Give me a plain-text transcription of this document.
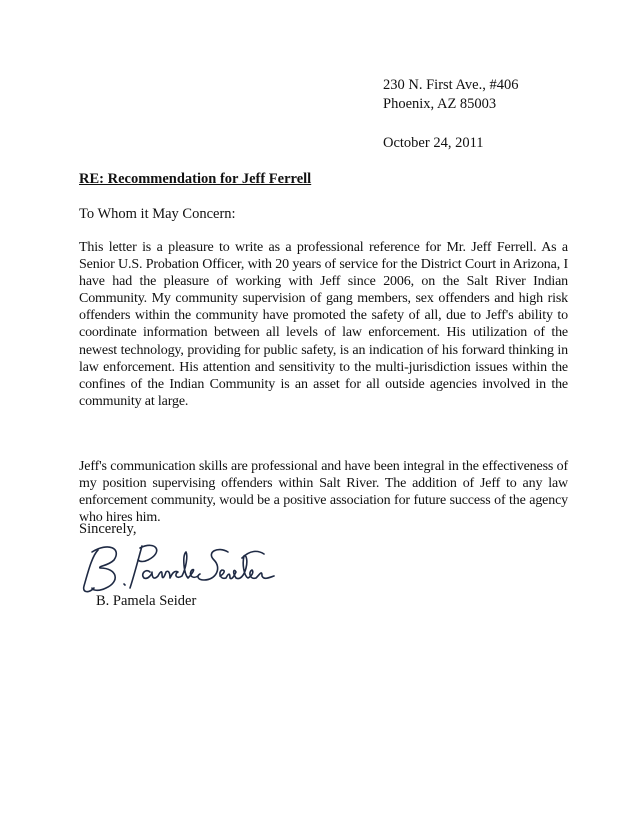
230 N. First Ave., #406
Phoenix, AZ 85003
October 24, 2011
RE: Recommendation for Jeff Ferrell
To Whom it May Concern:

This letter is a pleasure to write as a professional reference for Mr. Jeff Ferrell. As a Senior U.S. Probation Officer, with 20 years of service for the District Court in Arizona, I have had the pleasure of working with Jeff since 2006, on the Salt River Indian Community. My community supervision of gang members, sex offenders and high risk offenders within the community have promoted the safety of all, due to Jeff's ability to coordinate information between all levels of law enforcement. His utilization of the newest technology, providing for public safety, is an indication of his forward thinking in law enforcement. His attention and sensitivity to the multi-jurisdiction issues within the confines of the Indian Community is an asset for all outside agencies involved in the community at large.

Jeff's communication skills are professional and have been integral in the effectiveness of my position supervising offenders within Salt River. The addition of Jeff to any law enforcement community, would be a positive association for future success of the agency who hires him.

Sincerely,
B. Pamela Seider
B. Pamela Seider
